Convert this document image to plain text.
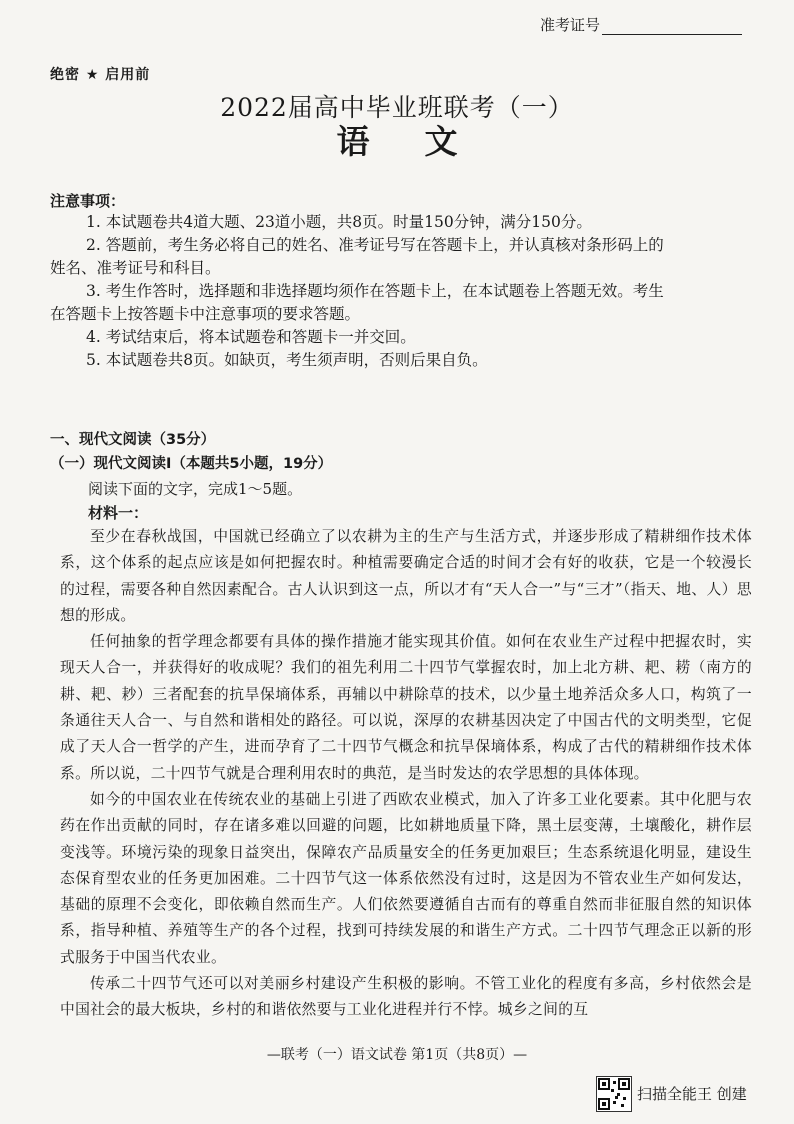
准考证号
绝密 ★ 启用前
2022届高中毕业班联考（一）
语文
注意事项：

1. 本试题卷共4道大题、23道小题，共8页。时量150分钟，满分150分。

2. 答题前，考生务必将自己的姓名、准考证号写在答题卡上，并认真核对条形码上的

姓名、准考证号和科目。

3. 考生作答时，选择题和非选择题均须作在答题卡上，在本试题卷上答题无效。考生

在答题卡上按答题卡中注意事项的要求答题。

4. 考试结束后，将本试题卷和答题卡一并交回。

5. 本试题卷共8页。如缺页，考生须声明，否则后果自负。

一、现代文阅读（35分）
（一）现代文阅读Ⅰ（本题共5小题，19分）
阅读下面的文字，完成1～5题。
材料一：

至少在春秋战国，中国就已经确立了以农耕为主的生产与生活方式，并逐步形成了精耕细作技术体系，这个体系的起点应该是如何把握农时。种植需要确定合适的时间才会有好的收获，它是一个较漫长的过程，需要各种自然因素配合。古人认识到这一点，所以才有“天人合一”与“三才”（指天、地、人）思想的形成。

任何抽象的哲学理念都要有具体的操作措施才能实现其价值。如何在农业生产过程中把握农时，实现天人合一，并获得好的收成呢？我们的祖先利用二十四节气掌握农时，加上北方耕、耙、耢（南方的耕、耙、耖）三者配套的抗旱保墒体系，再辅以中耕除草的技术，以少量土地养活众多人口，构筑了一条通往天人合一、与自然和谐相处的路径。可以说，深厚的农耕基因决定了中国古代的文明类型，它促成了天人合一哲学的产生，进而孕育了二十四节气概念和抗旱保墒体系，构成了古代的精耕细作技术体系。所以说，二十四节气就是合理利用农时的典范，是当时发达的农学思想的具体体现。

如今的中国农业在传统农业的基础上引进了西欧农业模式，加入了许多工业化要素。其中化肥与农药在作出贡献的同时，存在诸多难以回避的问题，比如耕地质量下降，黑土层变薄，土壤酸化，耕作层变浅等。环境污染的现象日益突出，保障农产品质量安全的任务更加艰巨；生态系统退化明显，建设生态保育型农业的任务更加困难。二十四节气这一体系依然没有过时，这是因为不管农业生产如何发达，基础的原理不会变化，即依赖自然而生产。人们依然要遵循自古而有的尊重自然而非征服自然的知识体系，指导种植、养殖等生产的各个过程，找到可持续发展的和谐生产方式。二十四节气理念正以新的形式服务于中国当代农业。

传承二十四节气还可以对美丽乡村建设产生积极的影响。不管工业化的程度有多高，乡村依然会是中国社会的最大板块，乡村的和谐依然要与工业化进程并行不悖。城乡之间的互

—联考（一）语文试卷 第1页（共8页）—
扫描全能王 创建
